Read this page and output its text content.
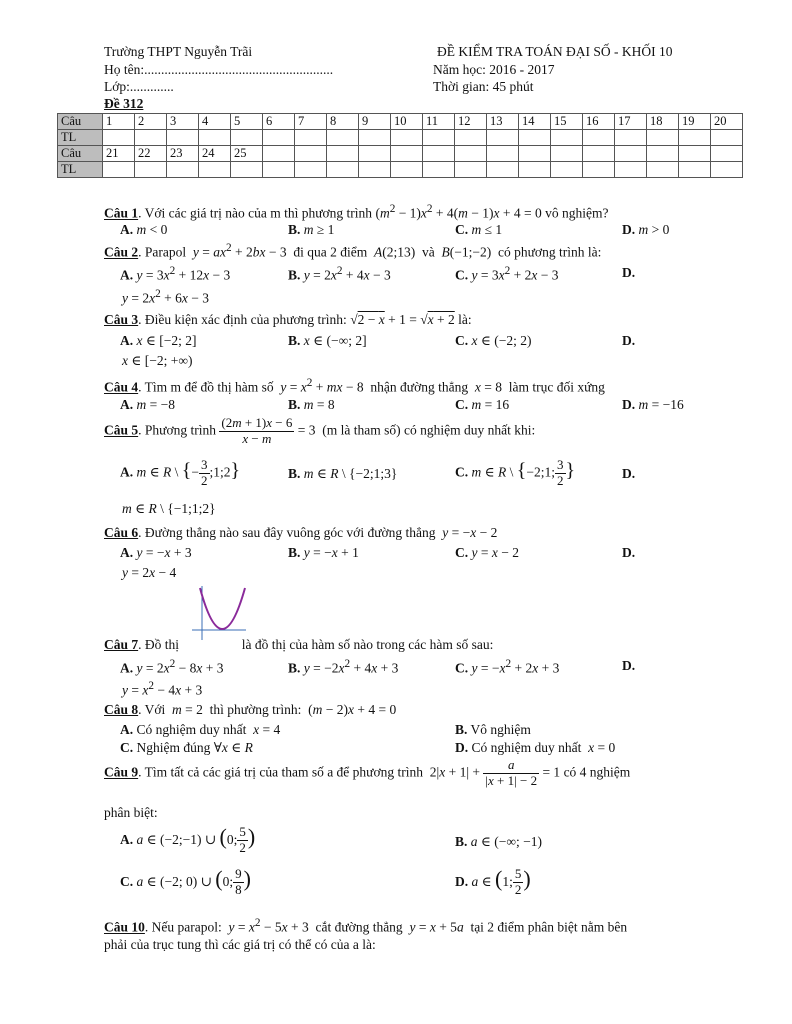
Trường THPT Nguyễn Trãi
Họ tên:........................................................
Lớp:.............
Đề 312
ĐỀ KIỂM TRA TOÁN ĐẠI SỐ - KHỐI 10
Năm học: 2016 - 2017
Thời gian: 45 phút
Câu	1	2	3	4	5	6	7	8	9	10	11	12	13	14	15	16	17	18	19	20
TL																				
Câu	21	22	23	24	25															
TL																				
Câu 1. Với các giá trị nào của m thì phương trình $(m^2 - 1)x^2 + 4(m - 1)x + 4 = 0$ vô nghiệm?
A. m < 0	B. m ≥ 1	C. m ≤ 1	D. m > 0
Câu 2. Parapol $y = ax^2 + 2bx - 3$  đi qua 2 điểm A(2;13)  và B(−1;−2)  có phương trình là:
A. $y = 3x^2 + 12x - 3$	B. $y = 2x^2 + 4x - 3$	C. $y = 3x^2 + 2x - 3$	D.
$y = 2x^2 + 6x - 3$
Câu 3. Điều kiện xác định của phương trình: √2 − x + 1 = √x + 2 là:
A. x ∈ [−2; 2]	B. x ∈ (−∞; 2]	C. x ∈ (−2; 2)	D.
x ∈ [−2; +∞)
Câu 4. Tìm m để đồ thị hàm số $y = x^2$ + mx − 8  nhận đường thẳng x = 8  làm trục đối xứng
A. m = −8	B. m = 8	C. m = 16	D. m = −16
Câu 5. Phương trình $\frac{(2m + 1)x - 6}{x - m} = 3$  (m là tham số) có nghiệm duy nhất khi:
A. m ∈ R \ {− $\frac{3}{2}$ ;1;2}	B. m ∈ R \ {−2;1;3}	C. m ∈ R \ {−2;1; $\frac{3}{2}$ }	D.
m ∈ R \ {−1;1;2}
Câu 6. Đường thẳng nào sau đây vuông góc với đường thẳng y = −x − 2
A. y = −x + 3	B. y = −x + 1	C. y = x − 2	D.
y = 2x − 4
Câu 7. Đồ thị	là đồ thị của hàm số nào trong các hàm số sau:
A. $y = 2x^2 - 8x + 3$	B. $y = -2x^2 + 4x + 3$	C. $y = -x^2 + 2x + 3$	D.
$y = x^2 - 4x + 3$
Câu 8. Với m = 2  thì phường trình:  (m − 2)x + 4 = 0
A. Có nghiệm duy nhất x = 4	B. Vô nghiệm
C. Nghiệm đúng ∀x ∈ R	D. Có nghiệm duy nhất x = 0
Câu 9. Tìm tất cả các giá trị của tham số a để phương trình  $2|x + 1| + \frac{a}{|x + 1| - 2} = 1$ có 4 nghiệm
phân biệt:
A. a ∈ (−2;−1) ∪ (0; $\frac{5}{2}$ )	B. a ∈ (−∞; −1)
C. a ∈ (−2; 0) ∪ (0; $\frac{9}{8}$ )	D. a ∈ (1; $\frac{5}{2}$ )
Câu 10. Nếu parapol: $y = x^2 - 5x + 3$  cắt đường thẳng y = x + 5a tại 2 điểm phân biệt nằm bên
phải của trục tung thì các giá trị có thể có của a là:
